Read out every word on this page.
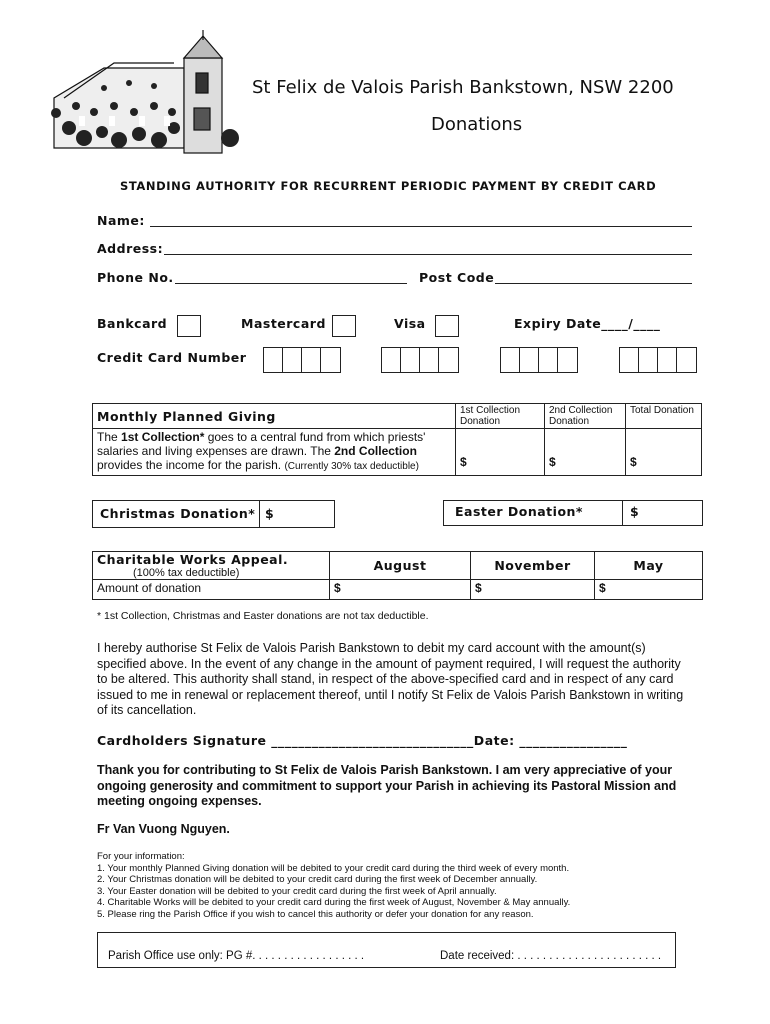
St Felix de Valois Parish Bankstown, NSW 2200
Donations
STANDING AUTHORITY FOR RECURRENT PERIODIC PAYMENT BY CREDIT CARD
Name:
Address:
Phone No.	Post Code
Bankcard	Mastercard	Visa	Expiry Date____/____
Credit Card Number
Monthly Planned Giving	1st Collection Donation	2nd Collection Donation	Total Donation
The 1st Collection* goes to a central fund from which priests' salaries and living expenses are drawn. The 2nd Collection provides the income for the parish. (Currently 30% tax deductible)	$	$	$
Christmas Donation* $	Easter Donation*	$
Charitable Works Appeal.
(100% tax deductible)	August	November	May
Amount of donation	$	$	$
* 1st Collection, Christmas and Easter donations are not tax deductible.
I hereby authorise St Felix de Valois Parish Bankstown to debit my card account with the amount(s) specified above. In the event of any change in the amount of payment required, I will request the authority to be altered. This authority shall stand, in respect of the above-specified card and in respect of any card issued to me in renewal or replacement thereof, until I notify St Felix de Valois Parish Bankstown in writing of its cancellation.
Cardholders Signature ______________________________Date: ________________
Thank you for contributing to St Felix de Valois Parish Bankstown. I am very appreciative of your ongoing generosity and commitment to support your Parish in achieving its Pastoral Mission and meeting ongoing expenses.
Fr Van Vuong Nguyen.
For your information:
1. Your monthly Planned Giving donation will be debited to your credit card during the third week of every month.
2. Your Christmas donation will be debited to your credit card during the first week of December annually.
3. Your Easter donation will be debited to your credit card during the first week of April annually.
4. Charitable Works will be debited to your credit card during the first week of August, November & May annually.
5. Please ring the Parish Office if you wish to cancel this authority or defer your donation for any reason.
Parish Office use only: PG #. . . . . . . . . . . . . . . . . .	Date received: . . . . . . . . . . . . . . . . . . . . . . .
